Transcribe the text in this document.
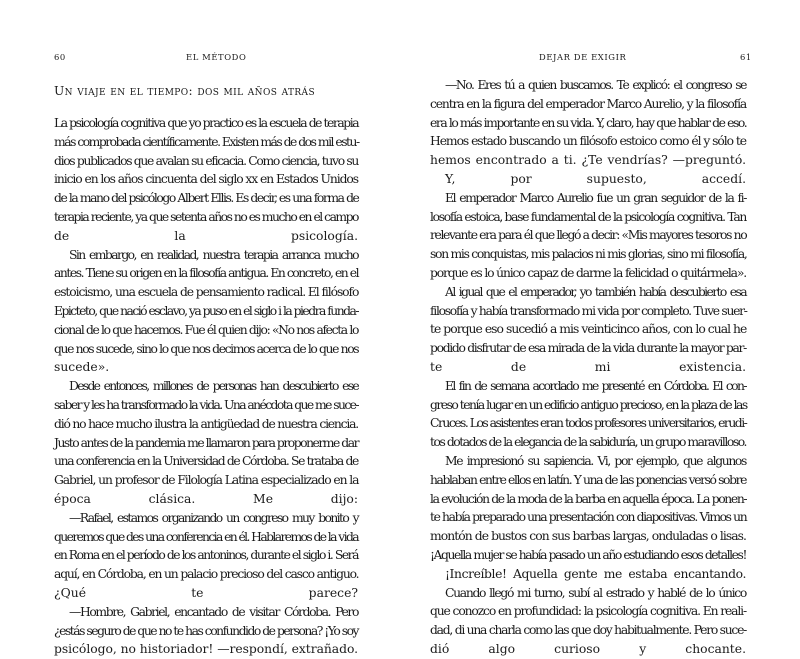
60	EL MÉTODO	DEJAR DE EXIGIR	61
Un viaje en el tiempo: dos mil años atrás

La psicología cognitiva que yo practico es la escuela de terapia
más comprobada científicamente. Existen más de dos mil estu-
dios publicados que avalan su eficacia. Como ciencia, tuvo su
inicio en los años cincuenta del siglo xx en Estados Unidos
de la mano del psicólogo Albert Ellis. Es decir, es una forma de
terapia reciente, ya que setenta años no es mucho en el campo
de la psicología.

Sin embargo, en realidad, nuestra terapia arranca mucho
antes. Tiene su origen en la filosofía antigua. En concreto, en el
estoicismo, una escuela de pensamiento radical. El filósofo
Epicteto, que nació esclavo, ya puso en el siglo i la piedra funda-
cional de lo que hacemos. Fue él quien dijo: «No nos afecta lo
que nos sucede, sino lo que nos decimos acerca de lo que nos
sucede».

Desde entonces, millones de personas han descubierto ese
saber y les ha transformado la vida. Una anécdota que me suce-
dió no hace mucho ilustra la antigüedad de nuestra ciencia.
Justo antes de la pandemia me llamaron para proponerme dar
una conferencia en la Universidad de Córdoba. Se trataba de
Gabriel, un profesor de Filología Latina especializado en la
época clásica. Me dijo:

—Rafael, estamos organizando un congreso muy bonito y
queremos que des una conferencia en él. Hablaremos de la vida
en Roma en el período de los antoninos, durante el siglo i. Será
aquí, en Córdoba, en un palacio precioso del casco antiguo.
¿Qué te parece?

—Hombre, Gabriel, encantado de visitar Córdoba. Pero
¿estás seguro de que no te has confundido de persona? ¡Yo soy
psicólogo, no historiador! —respondí, extrañado.

—No. Eres tú a quien buscamos. Te explicó: el congreso se
centra en la figura del emperador Marco Aurelio, y la filosofía
era lo más importante en su vida. Y, claro, hay que hablar de eso.
Hemos estado buscando un filósofo estoico como él y sólo te
hemos encontrado a ti. ¿Te vendrías? —preguntó.

Y, por supuesto, accedí.

El emperador Marco Aurelio fue un gran seguidor de la fi-
losofía estoica, base fundamental de la psicología cognitiva. Tan
relevante era para él que llegó a decir: «Mis mayores tesoros no
son mis conquistas, mis palacios ni mis glorias, sino mi filosofía,
porque es lo único capaz de darme la felicidad o quitármela».

Al igual que el emperador, yo también había descubierto esa
filosofía y había transformado mi vida por completo. Tuve suer-
te porque eso sucedió a mis veinticinco años, con lo cual he
podido disfrutar de esa mirada de la vida durante la mayor par-
te de mi existencia.

El fin de semana acordado me presenté en Córdoba. El con-
greso tenía lugar en un edificio antiguo precioso, en la plaza de las
Cruces. Los asistentes eran todos profesores universitarios, erudi-
tos dotados de la elegancia de la sabiduría, un grupo maravilloso.

Me impresionó su sapiencia. Vi, por ejemplo, que algunos
hablaban entre ellos en latín. Y una de las ponencias versó sobre
la evolución de la moda de la barba en aquella época. La ponen-
te había preparado una presentación con diapositivas. Vimos un
montón de bustos con sus barbas largas, onduladas o lisas.
¡Aquella mujer se había pasado un año estudiando esos detalles!

¡Increíble! Aquella gente me estaba encantando.

Cuando llegó mi turno, subí al estrado y hablé de lo único
que conozco en profundidad: la psicología cognitiva. En reali-
dad, di una charla como las que doy habitualmente. Pero suce-
dió algo curioso y chocante.
